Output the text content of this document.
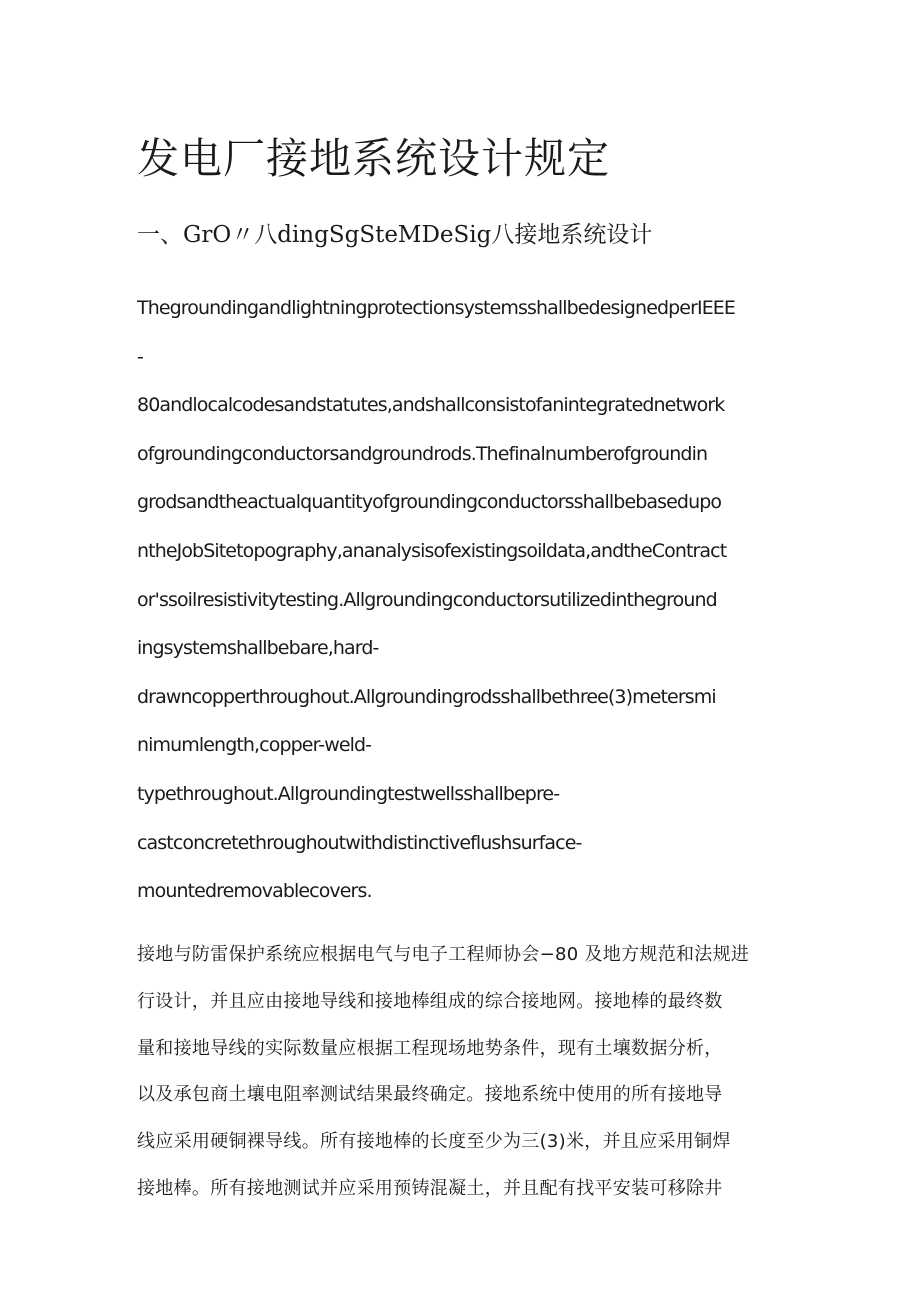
发电厂接地系统设计规定
一、GrO〃八dingSgSteMDeSig八接地系统设计
ThegroundingandlightningprotectionsystemsshallbedesignedperIEEE
-
80andlocalcodesandstatutes,andshallconsistofanintegratednetwork
ofgroundingconductorsandgroundrods.Thefinalnumberofgroundin
grodsandtheactualquantityofgroundingconductorsshallbebasedupo
ntheJobSitetopography,ananalysisofexistingsoildata,andtheContract
or'ssoilresistivitytesting.Allgroundingconductorsutilizedintheground
ingsystemshallbebare,hard-
drawncopperthroughout.Allgroundingrodsshallbethree(3)metersmi
nimumlength,copper-weld-
typethroughout.Allgroundingtestwellsshallbepre-
castconcretethroughoutwithdistinctiveflushsurface-
mountedremovablecovers.
接地与防雷保护系统应根据电气与电子工程师协会−80 及地方规范和法规进
行设计，并且应由接地导线和接地棒组成的综合接地网。接地棒的最终数
量和接地导线的实际数量应根据工程现场地势条件，现有土壤数据分析，
以及承包商土壤电阻率测试结果最终确定。接地系统中使用的所有接地导
线应采用硬铜裸导线。所有接地棒的长度至少为三(3)米，并且应采用铜焊
接地棒。所有接地测试并应采用预铸混凝土，并且配有找平安装可移除井
